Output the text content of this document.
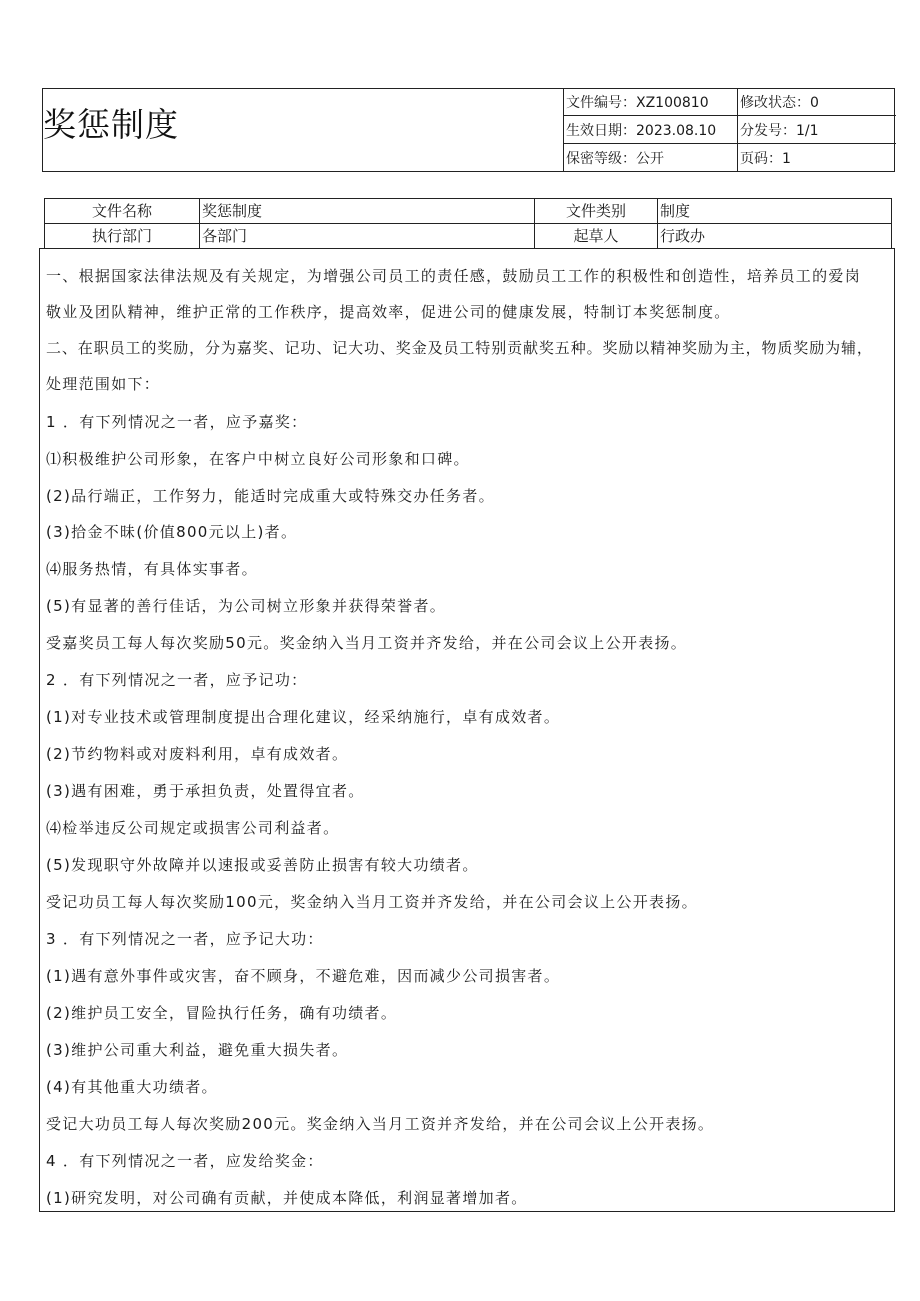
奖惩制度
文件编号：XZ100810	修改状态：0
生效日期：2023.08.10	分发号：1/1
保密等级：公开	页码：1
文件名称	奖惩制度	文件类别	制度
执行部门	各部门	起草人	行政办
一、根据国家法律法规及有关规定，为增强公司员工的责任感，鼓励员工工作的积极性和创造性，培养员工的爱岗
敬业及团队精神，维护正常的工作秩序，提高效率，促进公司的健康发展，特制订本奖惩制度。
二、在职员工的奖励，分为嘉奖、记功、记大功、奖金及员工特别贡献奖五种。奖励以精神奖励为主，物质奖励为辅，
处理范围如下：
1 ．有下列情况之一者，应予嘉奖：
⑴积极维护公司形象，在客户中树立良好公司形象和口碑。
(2)品行端正，工作努力，能适时完成重大或特殊交办任务者。
(3)拾金不昧(价值800元以上)者。
⑷服务热情，有具体实事者。
(5)有显著的善行佳话，为公司树立形象并获得荣誉者。
受嘉奖员工每人每次奖励50元。奖金纳入当月工资并齐发给，并在公司会议上公开表扬。
2 ．有下列情况之一者，应予记功：
(1)对专业技术或管理制度提出合理化建议，经采纳施行，卓有成效者。
(2)节约物料或对废料利用，卓有成效者。
(3)遇有困难，勇于承担负责，处置得宜者。
⑷检举违反公司规定或损害公司利益者。
(5)发现职守外故障并以速报或妥善防止损害有较大功绩者。
受记功员工每人每次奖励100元，奖金纳入当月工资并齐发给，并在公司会议上公开表扬。
3 ．有下列情况之一者，应予记大功：
(1)遇有意外事件或灾害，奋不顾身，不避危难，因而减少公司损害者。
(2)维护员工安全，冒险执行任务，确有功绩者。
(3)维护公司重大利益，避免重大损失者。
(4)有其他重大功绩者。
受记大功员工每人每次奖励200元。奖金纳入当月工资并齐发给，并在公司会议上公开表扬。
4 ．有下列情况之一者，应发给奖金：
(1)研究发明，对公司确有贡献，并使成本降低，利润显著增加者。
